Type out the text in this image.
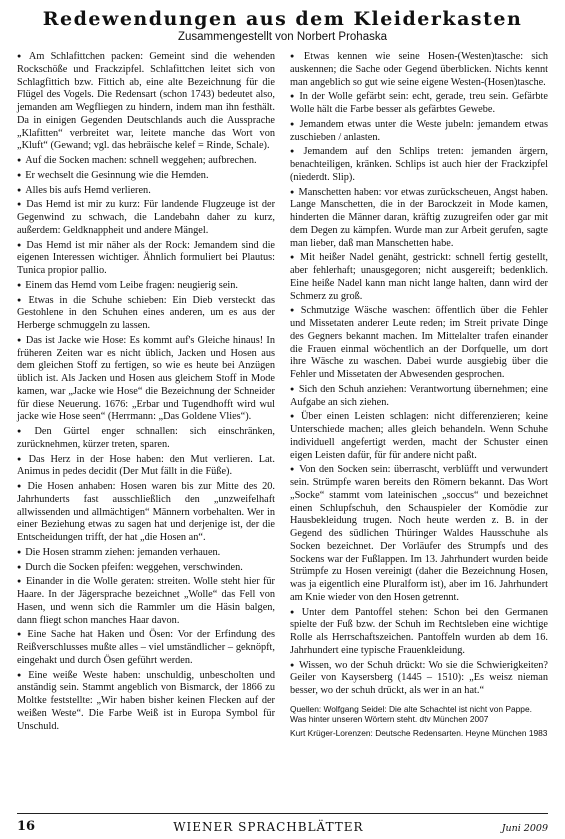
Redewendungen aus dem Kleiderkasten

Zusammengestellt von Norbert Prohaska

● Am Schlafittchen packen: Gemeint sind die wehenden Rockschöße und Frackzipfel. Schlafittchen leitet sich von Schlagfittich bzw. Fittich ab, eine alte Bezeichnung für die Flügel des Vogels. Die Redensart (schon 1743) bedeutet also, jemanden am Wegfliegen zu hindern, indem man ihn festhält. Da in einigen Gegenden Deutschlands auch die Aussprache „Klafitten“ verbreitet war, leitete manche das Wort von „Kluft“ (Gewand; vgl. das hebräische kelef = Rinde, Schale).

● Auf die Socken machen: schnell weggehen; aufbrechen.

● Er wechselt die Gesinnung wie die Hemden.

● Alles bis aufs Hemd verlieren.

● Das Hemd ist mir zu kurz: Für landende Flugzeuge ist der Gegenwind zu schwach, die Landebahn daher zu kurz, außerdem: Geldknappheit und andere Mängel.

● Das Hemd ist mir näher als der Rock: Jemandem sind die eigenen Interessen wichtiger. Ähnlich formuliert bei Plautus: Tunica propior pallio.

● Einem das Hemd vom Leibe fragen: neugierig sein.

● Etwas in die Schuhe schieben: Ein Dieb versteckt das Gestohlene in den Schuhen eines anderen, um es aus der Herberge schmuggeln zu lassen.

● Das ist Jacke wie Hose: Es kommt auf's Gleiche hinaus! In früheren Zeiten war es nicht üblich, Jacken und Hosen aus dem gleichen Stoff zu fertigen, so wie es heute bei Anzügen üblich ist. Als Jacken und Hosen aus gleichem Stoff in Mode kamen, war „Jacke wie Hose“ die Bezeichnung der Schneider für diese Neuerung. 1676: „Erbar und Tugendhofft wird wul jacke wie Hose seen“ (Herrmann: „Das Goldene Vlies“).

● Den Gürtel enger schnallen: sich einschränken, zurücknehmen, kürzer treten, sparen.

● Das Herz in der Hose haben: den Mut verlieren. Lat. Animus in pedes decidit (Der Mut fällt in die Füße).

● Die Hosen anhaben: Hosen waren bis zur Mitte des 20. Jahrhunderts fast ausschließlich den „unzweifelhaft allwissenden und allmächtigen“ Männern vorbehalten. Wer in einer Beziehung etwas zu sagen hat und derjenige ist, der die Entscheidungen trifft, der hat „die Hosen an“.

● Die Hosen stramm ziehen: jemanden verhauen.

● Durch die Socken pfeifen: weggehen, verschwinden.

● Einander in die Wolle geraten: streiten. Wolle steht hier für Haare. In der Jägersprache bezeichnet „Wolle“ das Fell von Hasen, und wenn sich die Rammler um die Häsin balgen, dann fliegt schon manches Haar davon.

● Eine Sache hat Haken und Ösen: Vor der Erfindung des Reißverschlusses mußte alles – viel umständlicher – geknöpft, eingehakt und durch Ösen geführt werden.

● Eine weiße Weste haben: unschuldig, unbescholten und anständig sein. Stammt angeblich von Bismarck, der 1866 zu Moltke feststellte: „Wir haben bisher keinen Flecken auf der weißen Weste“. Die Farbe Weiß ist in Europa Symbol für Unschuld.

● Etwas kennen wie seine Hosen-(Westen)tasche: sich auskennen; die Sache oder Gegend überblicken. Nichts kennt man angeblich so gut wie seine eigene Westen-(Hosen)tasche.

● In der Wolle gefärbt sein: echt, gerade, treu sein. Gefärbte Wolle hält die Farbe besser als gefärbtes Gewebe.

● Jemandem etwas unter die Weste jubeln: jemandem etwas zuschieben / anlasten.

● Jemandem auf den Schlips treten: jemanden ärgern, benachteiligen, kränken. Schlips ist auch hier der Frackzipfel (niederdt. Slip).

● Manschetten haben: vor etwas zurückscheuen, Angst haben. Lange Manschetten, die in der Barockzeit in Mode kamen, hinderten die Männer daran, kräftig zuzugreifen oder gar mit dem Degen zu kämpfen. Wurde man zur Arbeit gerufen, sagte man lieber, daß man Manschetten habe.

● Mit heißer Nadel genäht, gestrickt: schnell fertig gestellt, aber fehlerhaft; unausgegoren; nicht ausgereift; bedenklich. Eine heiße Nadel kann man nicht lange halten, dann wird der Schmerz zu groß.

● Schmutzige Wäsche waschen: öffentlich über die Fehler und Missetaten anderer Leute reden; im Streit private Dinge des Gegners bekannt machen. Im Mittelalter trafen einander die Frauen einmal wöchentlich an der Dorfquelle, um dort ihre Wäsche zu waschen. Dabei wurde ausgiebig über die Fehler und Missetaten der Abwesenden gesprochen.

● Sich den Schuh anziehen: Verantwortung übernehmen; eine Aufgabe an sich ziehen.

● Über einen Leisten schlagen: nicht differenzieren; keine Unterschiede machen; alles gleich behandeln. Wenn Schuhe individuell angefertigt werden, macht der Schuster einen eigen Leisten dafür, für für andere nicht paßt.

● Von den Socken sein: überrascht, verblüfft und verwundert sein. Strümpfe waren bereits den Römern bekannt. Das Wort „Socke“ stammt vom lateinischen „soccus“ und bezeichnet einen Schlupfschuh, den Schauspieler der Komödie zur Hausbekleidung trugen. Noch heute werden z. B. in der Gegend des südlichen Thüringer Waldes Hausschuhe als Socken bezeichnet. Der Vorläufer des Strumpfs und des Sockens war der Fußlappen. Im 13. Jahrhundert wurden beide Strümpfe zu Hosen vereinigt (daher die Bezeichnung Hosen, was ja eigentlich eine Pluralform ist), aber im 16. Jahrhundert am Knie wieder von den Hosen getrennt.

● Unter dem Pantoffel stehen: Schon bei den Germanen spielte der Fuß bzw. der Schuh im Rechtsleben eine wichtige Rolle als Herrschaftszeichen. Pantoffeln wurden ab dem 16. Jahrhundert eine typische Frauenkleidung.

● Wissen, wo der Schuh drückt: Wo sie die Schwierigkeiten? Geiler von Kaysersberg (1445 – 1510): „Es weisz nieman besser, wo der schuh drückt, als wer in an hat.“

Quellen: Wolfgang Seidel: Die alte Schachtel ist nicht von Pappe. Was hinter unseren Wörtern steht. dtv München 2007

Kurt Krüger-Lorenzen: Deutsche Redensarten. Heyne München 1983

16	WIENER SPRACHBLÄTTER	Juni 2009
